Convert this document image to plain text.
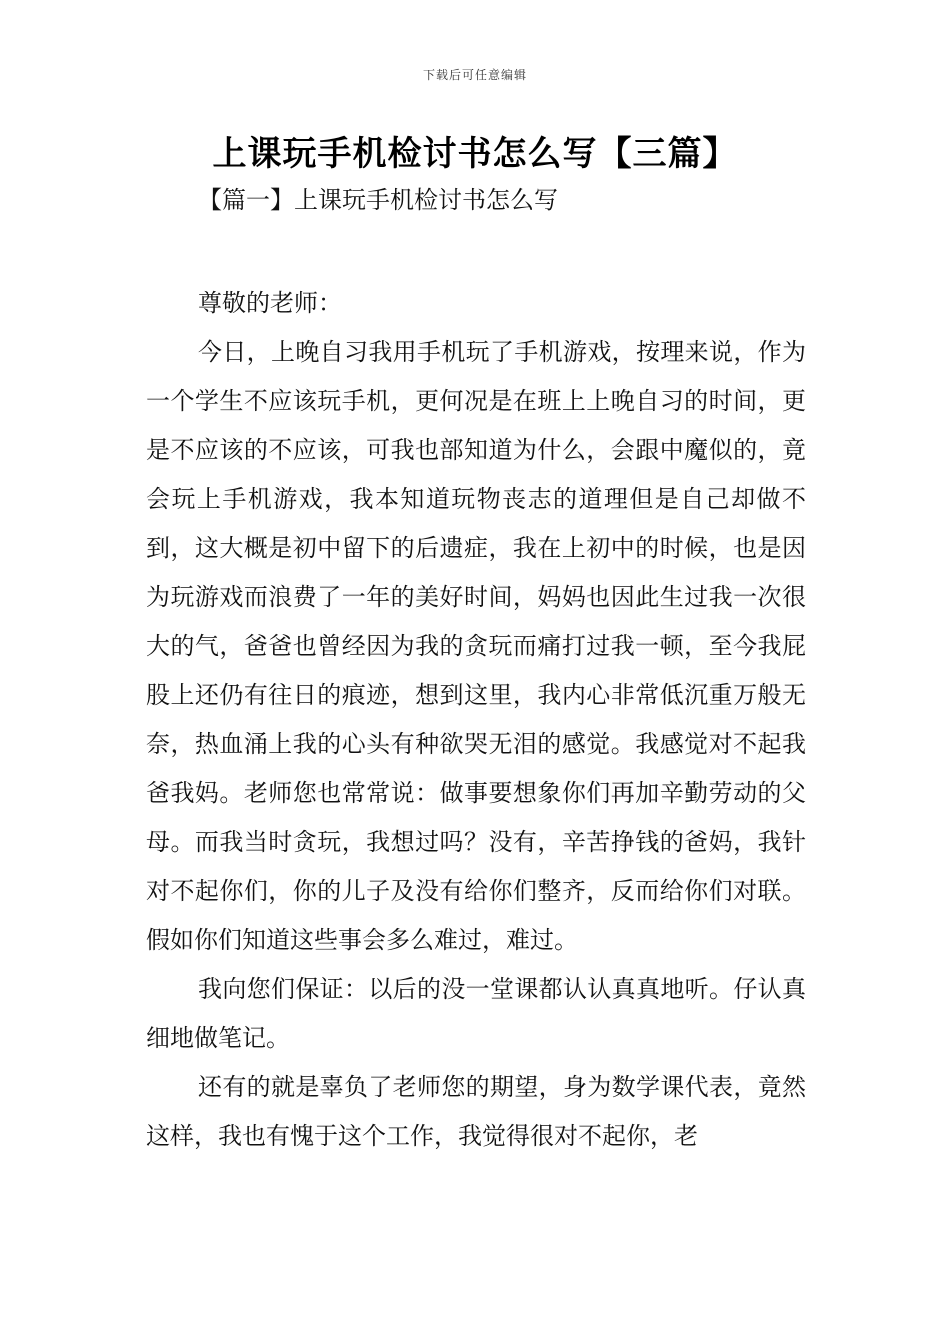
下载后可任意编辑
上课玩手机检讨书怎么写【三篇】
【篇一】上课玩手机检讨书怎么写

尊敬的老师：

今日，上晚自习我用手机玩了手机游戏，按理来说，作为一个学生不应该玩手机，更何况是在班上上晚自习的时间，更是不应该的不应该，可我也部知道为什么，会跟中魔似的，竟会玩上手机游戏，我本知道玩物丧志的道理但是自己却做不到，这大概是初中留下的后遗症，我在上初中的时候，也是因为玩游戏而浪费了一年的美好时间，妈妈也因此生过我一次很大的气，爸爸也曾经因为我的贪玩而痛打过我一顿，至今我屁股上还仍有往日的痕迹，想到这里，我内心非常低沉重万般无奈，热血涌上我的心头有种欲哭无泪的感觉。我感觉对不起我爸我妈。老师您也常常说：做事要想象你们再加辛勤劳动的父母。而我当时贪玩，我想过吗？没有，辛苦挣钱的爸妈，我针对不起你们，你的儿子及没有给你们整齐，反而给你们对联。假如你们知道这些事会多么难过，难过。

我向您们保证：以后的没一堂课都认认真真地听。仔认真细地做笔记。

还有的就是辜负了老师您的期望，身为数学课代表，竟然这样，我也有愧于这个工作，我觉得很对不起你，老
